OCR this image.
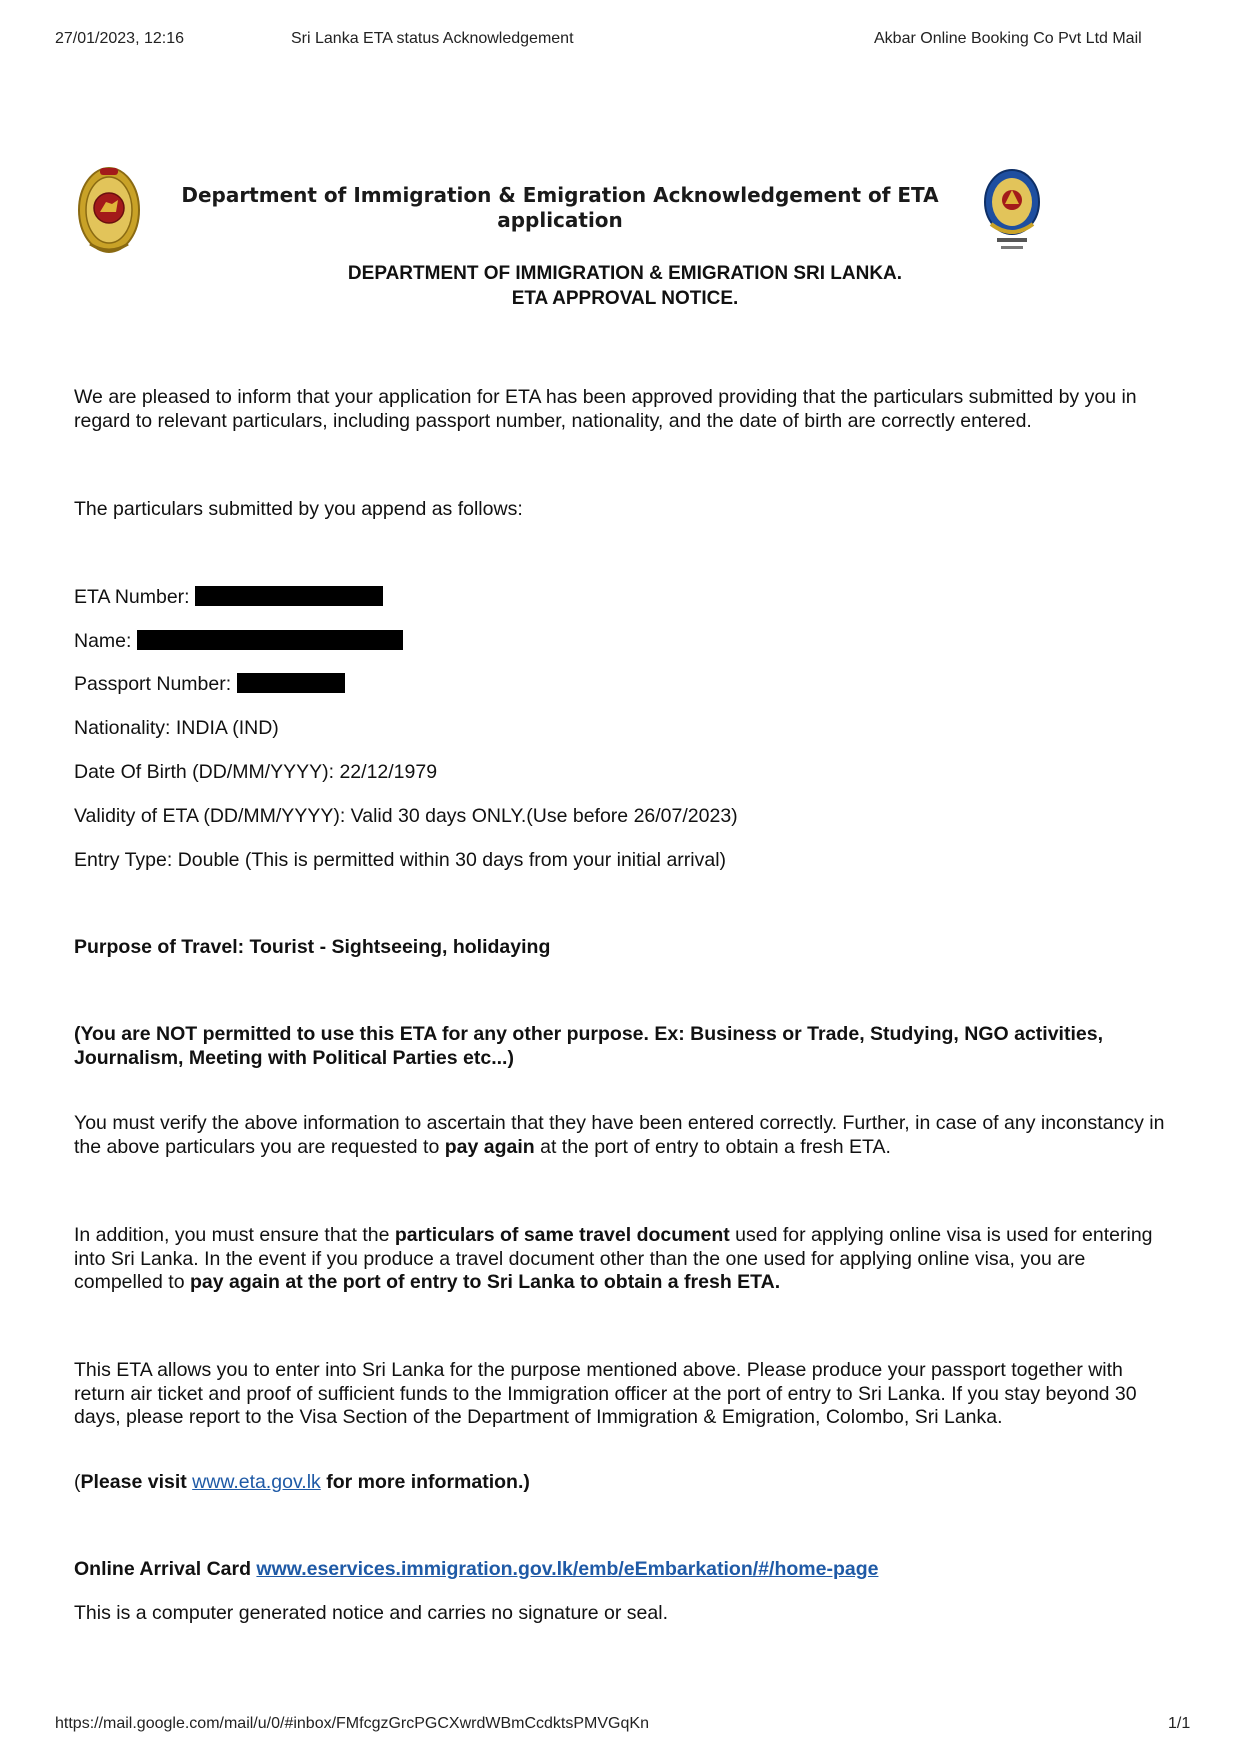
27/01/2023, 12:16	Sri Lanka ETA status Acknowledgement	Akbar Online Booking Co Pvt Ltd Mail
Department of Immigration & Emigration Acknowledgement of ETA
application
DEPARTMENT OF IMMIGRATION & EMIGRATION SRI LANKA.
ETA APPROVAL NOTICE.
We are pleased to inform that your application for ETA has been approved providing that the particulars submitted by you in regard to relevant particulars, including passport number, nationality, and the date of birth are correctly entered.
The particulars submitted by you append as follows:
ETA Number:
Name:
Passport Number:
Nationality: INDIA (IND)
Date Of Birth (DD/MM/YYYY): 22/12/1979
Validity of ETA (DD/MM/YYYY): Valid 30 days ONLY.(Use before 26/07/2023)
Entry Type: Double (This is permitted within 30 days from your initial arrival)
Purpose of Travel: Tourist - Sightseeing, holidaying
(You are NOT permitted to use this ETA for any other purpose. Ex: Business or Trade, Studying, NGO activities, Journalism, Meeting with Political Parties etc...)
You must verify the above information to ascertain that they have been entered correctly. Further, in case of any inconstancy in the above particulars you are requested to pay again at the port of entry to obtain a fresh ETA.
In addition, you must ensure that the particulars of same travel document used for applying online visa is used for entering into Sri Lanka. In the event if you produce a travel document other than the one used for applying online visa, you are compelled to pay again at the port of entry to Sri Lanka to obtain a fresh ETA.
This ETA allows you to enter into Sri Lanka for the purpose mentioned above. Please produce your passport together with return air ticket and proof of sufficient funds to the Immigration officer at the port of entry to Sri Lanka. If you stay beyond 30 days, please report to the Visa Section of the Department of Immigration & Emigration, Colombo, Sri Lanka.
(Please visit www.eta.gov.lk for more information.)
Online Arrival Card www.eservices.immigration.gov.lk/emb/eEmbarkation/#/home-page
This is a computer generated notice and carries no signature or seal.
https://mail.google.com/mail/u/0/#inbox/FMfcgzGrcPGCXwrdWBmCcdktsPMVGqKn	1/1
